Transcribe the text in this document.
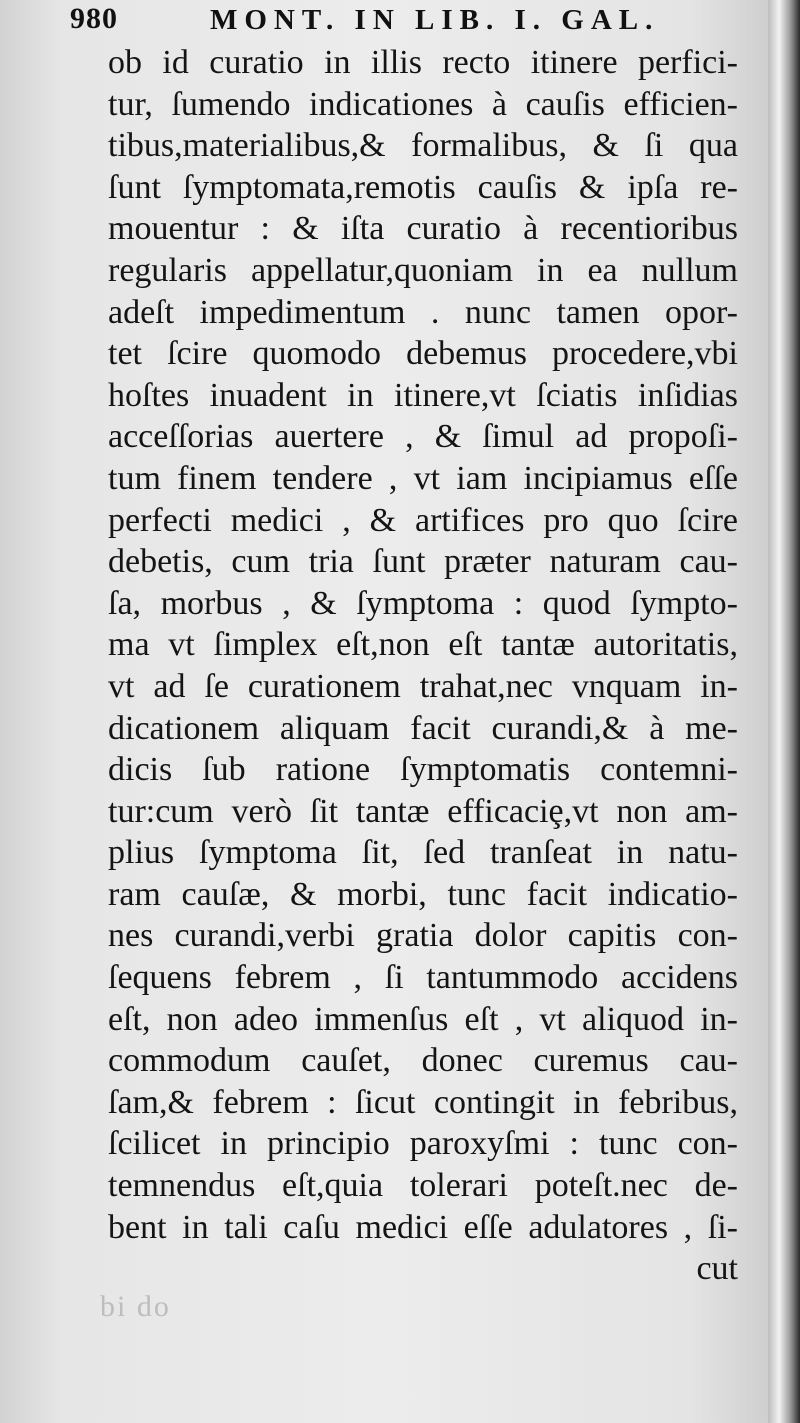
980	MONT. IN LIB. I. GAL.
ob id curatio in illis recto itinere perfici-
tur, ſumendo indicationes à cauſis efficien-
tibus,materialibus,& formalibus, & ſi qua
ſunt ſymptomata,remotis cauſis & ipſa re-
mouentur : & iſta curatio à recentioribus
regularis appellatur,quoniam in ea nullum
adeſt impedimentum . nunc tamen opor-
tet ſcire quomodo debemus procedere,vbi
hoſtes inuadent in itinere,vt ſciatis inſidias
acceſſorias auertere , & ſimul ad propoſi-
tum finem tendere , vt iam incipiamus eſſe
perfecti medici , & artifices pro quo ſcire
debetis, cum tria ſunt præter naturam cau-
ſa, morbus , & ſymptoma : quod ſympto-
ma vt ſimplex eſt,non eſt tantæ autoritatis,
vt ad ſe curationem trahat,nec vnquam in-
dicationem aliquam facit curandi,& à me-
dicis ſub ratione ſymptomatis contemni-
tur:cum verò ſit tantæ efficaciȩ,vt non am-
plius ſymptoma ſit, ſed tranſeat in natu-
ram cauſæ, & morbi, tunc facit indicatio-
nes curandi,verbi gratia dolor capitis con-
ſequens febrem , ſi tantummodo accidens
eſt, non adeo immenſus eſt , vt aliquod in-
commodum cauſet, donec curemus cau-
ſam,& febrem : ſicut contingit in febribus,
ſcilicet in principio paroxyſmi : tunc con-
temnendus eſt,quia tolerari poteſt.nec de-
bent in tali caſu medici eſſe adulatores , ſi-
cut
bi do
